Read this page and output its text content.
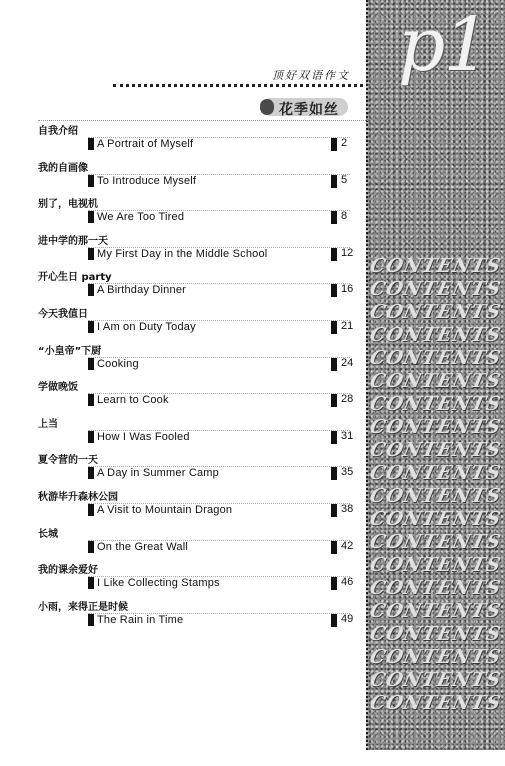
p1
CONTENTS
CONTENTS
CONTENTS
CONTENTS
CONTENTS
CONTENTS
CONTENTS
CONTENTS
CONTENTS
CONTENTS
CONTENTS
CONTENTS
CONTENTS
CONTENTS
CONTENTS
CONTENTS
CONTENTS
CONTENTS
CONTENTS
CONTENTS
顶好双语作文
花季如丝
自我介绍
A Portrait of Myself	2
我的自画像
To Introduce Myself	5
别了，电视机
We Are Too Tired	8
进中学的那一天
My First Day in the Middle School	12
开心生日 party
A Birthday Dinner	16
今天我值日
I Am on Duty Today	21
“小皇帝”下厨
Cooking	24
学做晚饭
Learn to Cook	28
上当
How I Was Fooled	31
夏令营的一天
A Day in Summer Camp	35
秋游毕升森林公园
A Visit to Mountain Dragon	38
长城
On the Great Wall	42
我的课余爱好
I Like Collecting Stamps	46
小雨，来得正是时候
The Rain in Time	49
